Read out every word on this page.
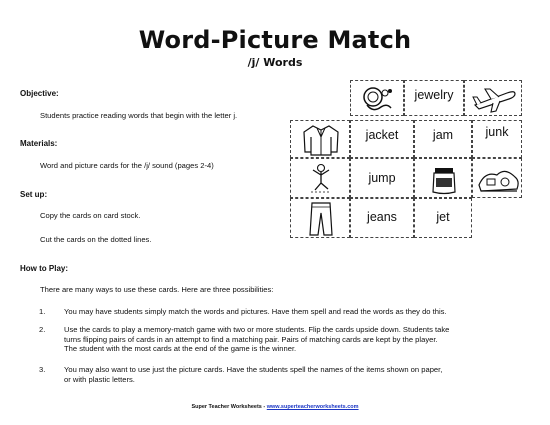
Word-Picture Match
/j/ Words
Objective:
Students practice reading words that begin with the letter j.
Materials:
Word and picture cards for the /j/ sound (pages 2-4)
Set up:
Copy the cards on card stock.
Cut the cards on the dotted lines.
How to Play:
There are many ways to use these cards. Here are three possibilities:
1. You may have students simply match the words and pictures. Have them spell and read the words as they do this.
2. Use the cards to play a memory-match game with two or more students. Flip the cards upside down. Students take
turns flipping pairs of cards in an attempt to find a matching pair. Pairs of matching cards are kept by the player.
The student with the most cards at the end of the game is the winner.
3. You may also want to use just the picture cards. Have the students spell the names of the items shown on paper,
or with plastic letters.
jewelry
jacket	jam	junk
jump
jeans	jet
Super Teacher Worksheets - www.superteacherworksheets.com
